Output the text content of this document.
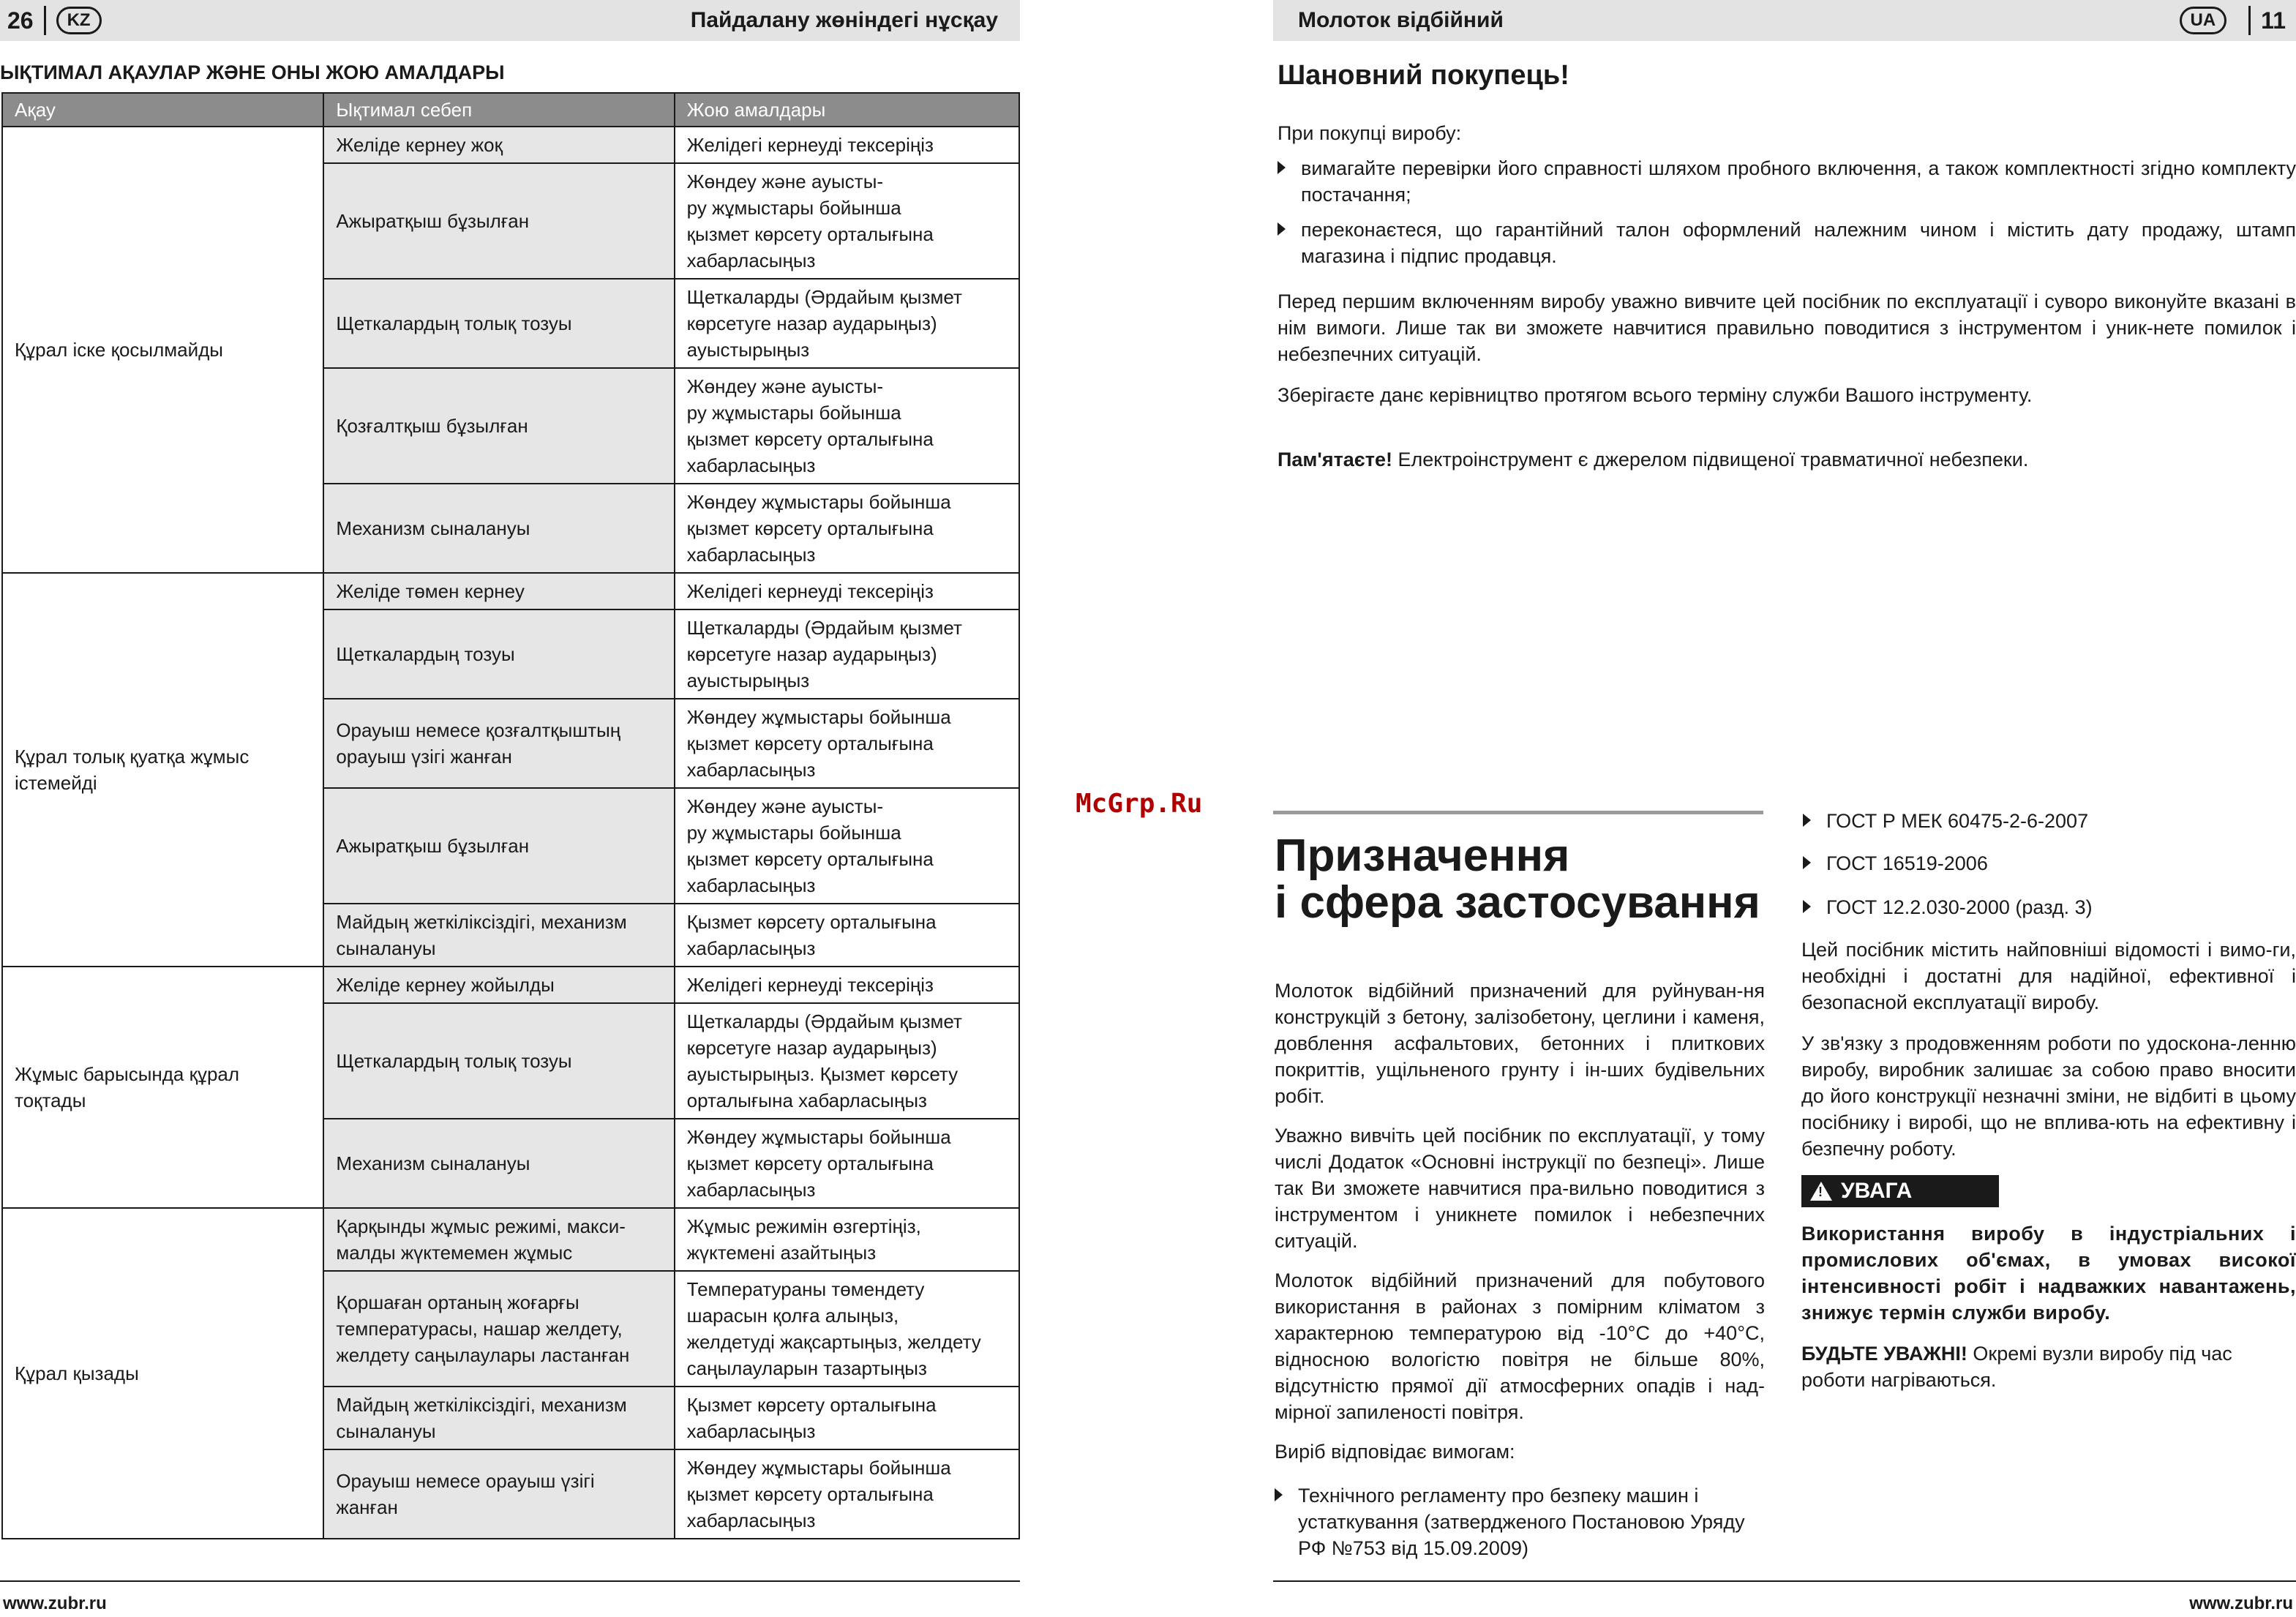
26	KZ	Пайдалану жөніндегі нұсқау
ЫҚТИМАЛ АҚАУЛАР ЖӘНЕ ОНЫ ЖОЮ АМАЛДАРЫ
Ақау	Ықтимал себеп	Жою амалдары
Құрал іске қосылмайды	Желіде кернеу жоқ	Желідегі кернеуді тексеріңіз
	Ажыратқыш бұзылған	Жөндеу және ауысты-
ру жұмыстары бойынша
қызмет көрсету орталығына
хабарласыңыз
	Щеткалардың толық тозуы	Щеткаларды (Әрдайым қызмет
көрсетуге назар аударыңыз)
ауыстырыңыз
	Қозғалтқыш бұзылған	Жөндеу және ауысты-
ру жұмыстары бойынша
қызмет көрсету орталығына
хабарласыңыз
	Механизм сыналануы	Жөндеу жұмыстары бойынша
қызмет көрсету орталығына
хабарласыңыз
Құрал толық қуатқа жұмыс
істемейді	Желіде төмен кернеу	Желідегі кернеуді тексеріңіз
	Щеткалардың тозуы	Щеткаларды (Әрдайым қызмет
көрсетуге назар аударыңыз)
ауыстырыңыз
	Орауыш немесе қозғалтқыштың
орауыш үзігі жанған	Жөндеу жұмыстары бойынша
қызмет көрсету орталығына
хабарласыңыз
	Ажыратқыш бұзылған	Жөндеу және ауысты-
ру жұмыстары бойынша
қызмет көрсету орталығына
хабарласыңыз
	Майдың жеткіліксіздігі, механизм
сыналануы	Қызмет көрсету орталығына
хабарласыңыз
Жұмыс барысында құрал
тоқтады	Желіде кернеу жойылды	Желідегі кернеуді тексеріңіз
	Щеткалардың толық тозуы	Щеткаларды (Әрдайым қызмет
көрсетуге назар аударыңыз)
ауыстырыңыз. Қызмет көрсету
орталығына хабарласыңыз
	Механизм сыналануы	Жөндеу жұмыстары бойынша
қызмет көрсету орталығына
хабарласыңыз
Құрал қызады	Қарқынды жұмыс режимі, макси-
малды жүктемемен жұмыс	Жұмыс режимін өзгертіңіз,
жүктемені азайтыңыз
	Қоршаған ортаның жоғарғы
температурасы, нашар желдету,
желдету саңылаулары ластанған	Температураны төмендету
шарасын қолға алыңыз,
желдетуді жақсартыңыз, желдету
саңылауларын тазартыңыз
	Майдың жеткіліксіздігі, механизм
сыналануы	Қызмет көрсету орталығына
хабарласыңыз
	Орауыш немесе орауыш үзігі
жанған	Жөндеу жұмыстары бойынша
қызмет көрсету орталығына
хабарласыңыз
www.zubr.ru
McGrp.Ru
Молоток відбійний	UA	11
Шановний покупець!
При покупці виробу:
вимагайте перевірки його справності шляхом пробного включення, а також комплектності згідно комплекту постачання;
переконаєтеся, що гарантійний талон оформлений належним чином і містить дату продажу, штамп магазина і підпис продавця.
Перед першим включенням виробу уважно вивчите цей посібник по експлуатації і суворо виконуйте вказані в нім вимоги. Лише так ви зможете навчитися правильно поводитися з інструментом і уник-нете помилок і небезпечних ситуацій.
Зберігаєте данє керівництво протягом всього терміну служби Вашого інструменту.
Пам'ятаєте! Електроінструмент є джерелом підвищеної травматичної небезпеки.
Призначення
і сфера застосування
Молоток відбійний призначений для руйнуван-ня конструкцій з бетону, залізобетону, цеглини і каменя, довблення асфальтових, бетонних і плиткових покриттів, ущільненого грунту і ін-ших будівельних робіт.
Уважно вивчіть цей посібник по експлуатації, у тому числі Додаток «Основні інструкції по безпеці». Лише так Ви зможете навчитися пра-вильно поводитися з інструментом і уникнете помилок і небезпечних ситуацій.
Молоток відбійний призначений для побутового використання в районах з помірним кліматом з характерною температурою від -10°C до +40°C, відносною вологістю повітря не більше 80%, відсутністю прямої дії атмосферних опадів і над-мірної запиленості повітря.
Виріб відповідає вимогам:
Технічного регламенту про безпеку машин і устаткування (затвердженого Постановою Уряду РФ №753 від 15.09.2009)
ГОСТ Р МЕК 60475-2-6-2007
ГОСТ 16519-2006
ГОСТ 12.2.030-2000 (разд. 3)
Цей посібник містить найповніші відомості і вимо-ги, необхідні і достатні для надійної, ефективної і безопасной експлуатації виробу.
У зв'язку з продовженням роботи по удоскона-ленню виробу, виробник залишає за собою право вносити до його конструкції незначні зміни, не відбиті в цьому посібнику і виробі, що не вплива-ють на ефективну і безпечну роботу.
! УВАГА
Використання виробу в індустріальних і промислових об'ємах, в умовах високої інтенсивності робіт і надважких навантажень, знижує термін служби виробу.
БУДЬТЕ УВАЖНІ! Окремі вузли виробу під час роботи нагріваються.
www.zubr.ru
